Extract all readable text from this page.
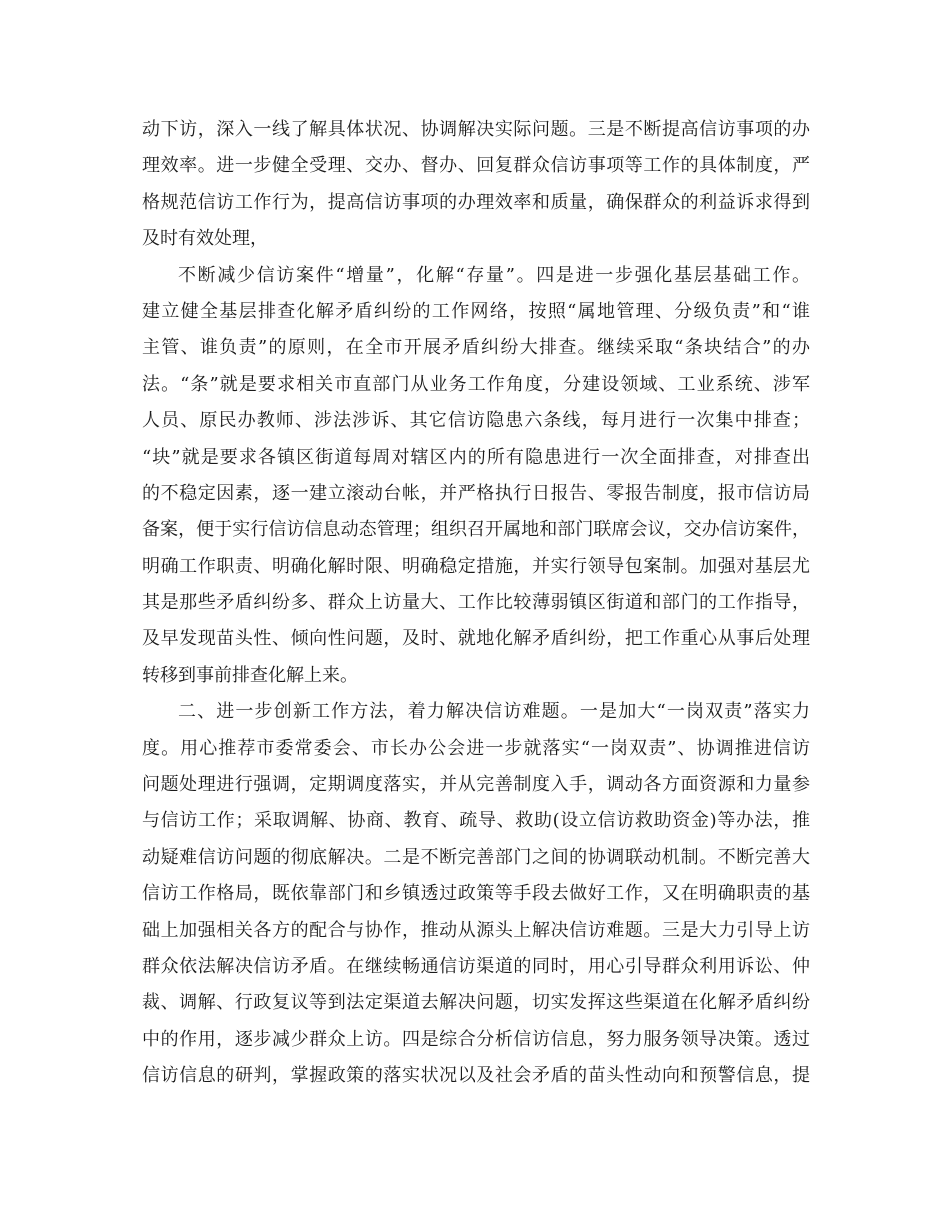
动下访，深入一线了解具体状况、协调解决实际问题。三是不断提高信访事项的办
理效率。进一步健全受理、交办、督办、回复群众信访事项等工作的具体制度，严
格规范信访工作行为，提高信访事项的办理效率和质量，确保群众的利益诉求得到
及时有效处理，
不断减少信访案件“增量”，化解“存量”。四是进一步强化基层基础工作。
建立健全基层排查化解矛盾纠纷的工作网络，按照“属地管理、分级负责”和“谁
主管、谁负责”的原则，在全市开展矛盾纠纷大排查。继续采取“条块结合”的办
法。“条”就是要求相关市直部门从业务工作角度，分建设领域、工业系统、涉军
人员、原民办教师、涉法涉诉、其它信访隐患六条线，每月进行一次集中排查；
“块”就是要求各镇区街道每周对辖区内的所有隐患进行一次全面排查，对排查出
的不稳定因素，逐一建立滚动台帐，并严格执行日报告、零报告制度，报市信访局
备案，便于实行信访信息动态管理；组织召开属地和部门联席会议，交办信访案件，
明确工作职责、明确化解时限、明确稳定措施，并实行领导包案制。加强对基层尤
其是那些矛盾纠纷多、群众上访量大、工作比较薄弱镇区街道和部门的工作指导，
及早发现苗头性、倾向性问题，及时、就地化解矛盾纠纷，把工作重心从事后处理
转移到事前排查化解上来。
二、进一步创新工作方法，着力解决信访难题。一是加大“一岗双责”落实力
度。用心推荐市委常委会、市长办公会进一步就落实“一岗双责”、协调推进信访
问题处理进行强调，定期调度落实，并从完善制度入手，调动各方面资源和力量参
与信访工作；采取调解、协商、教育、疏导、救助(设立信访救助资金)等办法，推
动疑难信访问题的彻底解决。二是不断完善部门之间的协调联动机制。不断完善大
信访工作格局，既依靠部门和乡镇透过政策等手段去做好工作，又在明确职责的基
础上加强相关各方的配合与协作，推动从源头上解决信访难题。三是大力引导上访
群众依法解决信访矛盾。在继续畅通信访渠道的同时，用心引导群众利用诉讼、仲
裁、调解、行政复议等到法定渠道去解决问题，切实发挥这些渠道在化解矛盾纠纷
中的作用，逐步减少群众上访。四是综合分析信访信息，努力服务领导决策。透过
信访信息的研判，掌握政策的落实状况以及社会矛盾的苗头性动向和预警信息，提
